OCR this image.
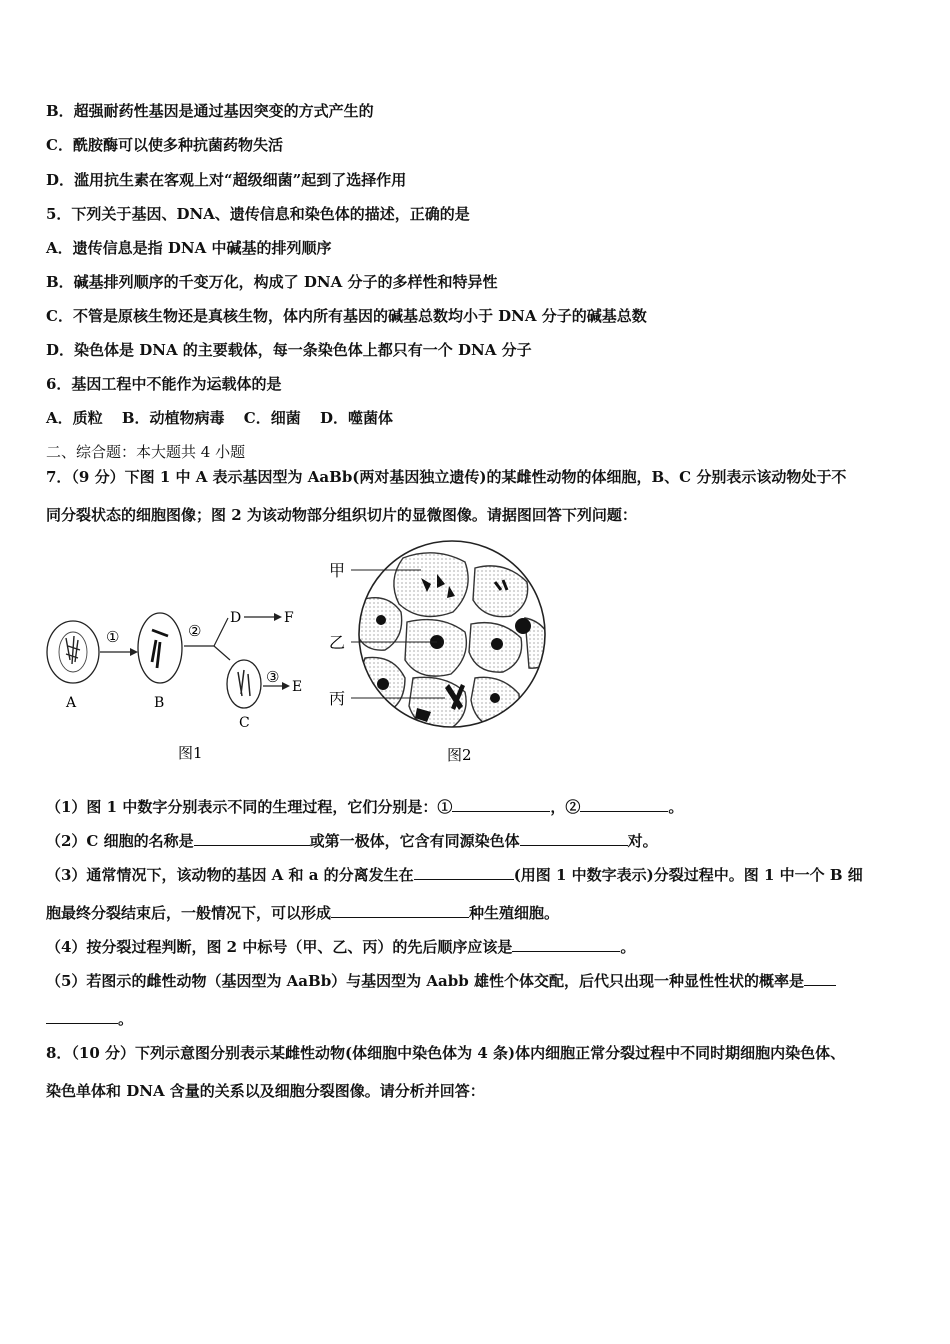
B．超强耐药性基因是通过基因突变的方式产生的
C．酰胺酶可以使多种抗菌药物失活
D．滥用抗生素在客观上对“超级细菌”起到了选择作用
5．下列关于基因、DNA、遗传信息和染色体的描述，正确的是
A．遗传信息是指 DNA 中碱基的排列顺序
B．碱基排列顺序的千变万化，构成了 DNA 分子的多样性和特异性
C．不管是原核生物还是真核生物，体内所有基因的碱基总数均小于 DNA 分子的碱基总数
D．染色体是 DNA 的主要载体，每一条染色体上都只有一个 DNA 分子
6．基因工程中不能作为运载体的是
A．质粒 B．动植物病毒 C．细菌 D．噬菌体
二、综合题：本大题共 4 小题
7．（9 分）下图 1 中 A 表示基因型为 AaBb(两对基因独立遗传)的某雌性动物的体细胞，B、C 分别表示该动物处于不
同分裂状态的细胞图像；图 2 为该动物部分组织切片的显微图像。请据图回答下列问题：
A
①
B
②
D	F
C
③
E
图1
甲
乙
丙
图2
（1）图 1 中数字分别表示不同的生理过程，它们分别是：①	，②	。
（2）C 细胞的名称是	或第一极体，它含有同源染色体	对。
（3）通常情况下，该动物的基因 A 和 a 的分离发生在	(用图 1 中数字表示)分裂过程中。图 1 中一个 B 细
胞最终分裂结束后，一般情况下，可以形成	种生殖细胞。
（4）按分裂过程判断，图 2 中标号（甲、乙、丙）的先后顺序应该是	。
（5）若图示的雌性动物（基因型为 AaBb）与基因型为 Aabb 雄性个体交配，后代只出现一种显性性状的概率是
。
8．（10 分）下列示意图分别表示某雌性动物(体细胞中染色体为 4 条)体内细胞正常分裂过程中不同时期细胞内染色体、
染色单体和 DNA 含量的关系以及细胞分裂图像。请分析并回答：
